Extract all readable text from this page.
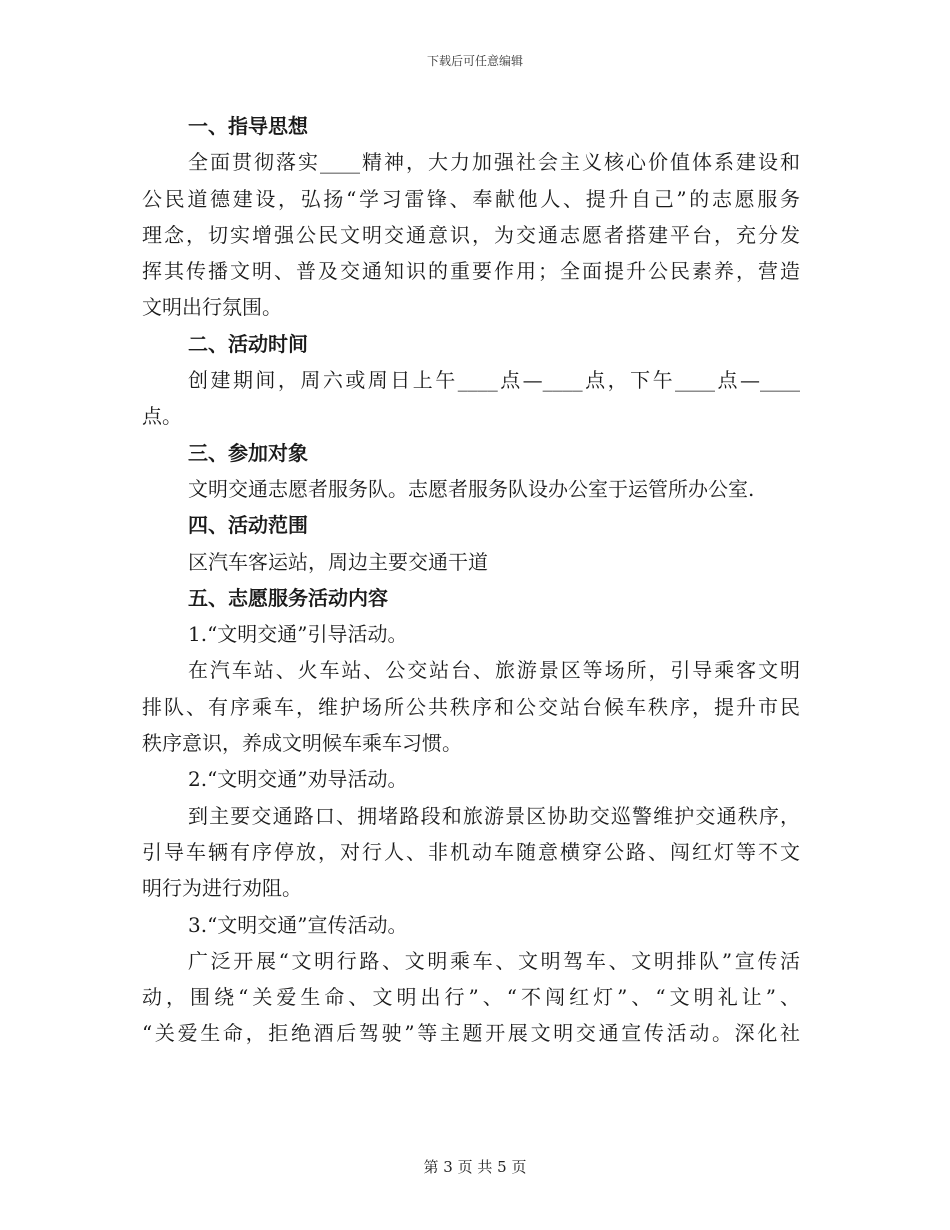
下载后可任意编辑
一、指导思想
全面贯彻落实____精神，大力加强社会主义核心价值体系建设和
公民道德建设，弘扬“学习雷锋、奉献他人、提升自己”的志愿服务
理念，切实增强公民文明交通意识，为交通志愿者搭建平台，充分发
挥其传播文明、普及交通知识的重要作用；全面提升公民素养，营造
文明出行氛围。
二、活动时间
创建期间，周六或周日上午____点—____点，下午____点—____
点。
三、参加对象
文明交通志愿者服务队。志愿者服务队设办公室于运管所办公室.
四、活动范围
区汽车客运站，周边主要交通干道
五、志愿服务活动内容
1.“文明交通”引导活动。
在汽车站、火车站、公交站台、旅游景区等场所，引导乘客文明
排队、有序乘车，维护场所公共秩序和公交站台候车秩序，提升市民
秩序意识，养成文明候车乘车习惯。
2.“文明交通”劝导活动。
到主要交通路口、拥堵路段和旅游景区协助交巡警维护交通秩序，
引导车辆有序停放，对行人、非机动车随意横穿公路、闯红灯等不文
明行为进行劝阻。
3.“文明交通”宣传活动。
广泛开展“文明行路、文明乘车、文明驾车、文明排队”宣传活
动，围绕“关爱生命、文明出行”、“不闯红灯”、“文明礼让”、
“关爱生命，拒绝酒后驾驶”等主题开展文明交通宣传活动。深化社
第 3 页 共 5 页
